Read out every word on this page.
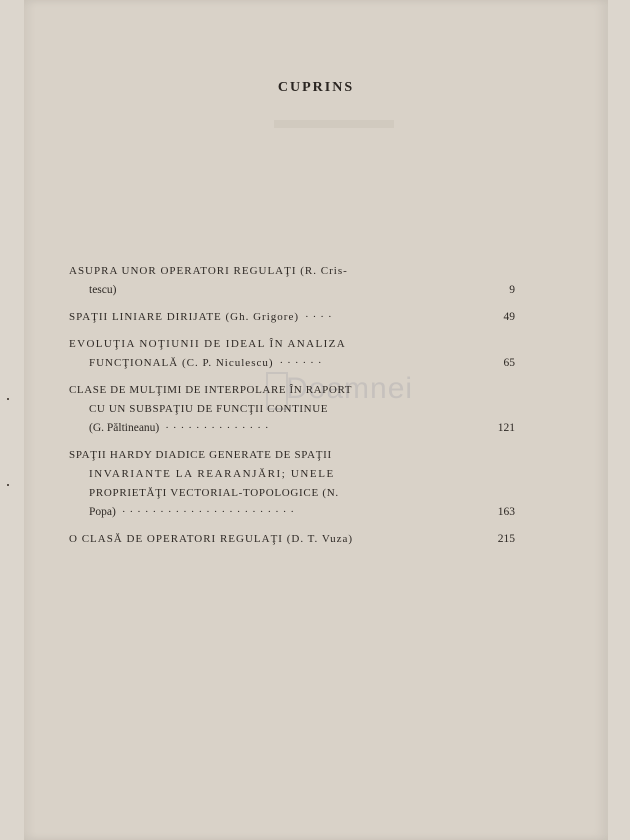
CUPRINS
Doamnei
ASUPRA UNOR OPERATORI REGULAŢI (R. Cris-
tescu)	9
SPAŢII LINIARE DIRIJATE (Gh. Grigore) ····	49
EVOLUŢIA NOŢIUNII DE IDEAL ÎN ANALIZA
FUNCŢIONALĂ (C. P. Niculescu) ······	65
CLASE DE MULŢIMI DE INTERPOLARE ÎN RAPORT
CU UN SUBSPAŢIU DE FUNCŢII CONTINUE
(G. Păltineanu) ··············	121
SPAŢII HARDY DIADICE GENERATE DE SPAŢII
INVARIANTE LA REARANJĂRI; UNELE
PROPRIETĂŢI VECTORIAL-TOPOLOGICE (N.
Popa) ·······················	163
O CLASĂ DE OPERATORI REGULAŢI (D. T. Vuza)	215
